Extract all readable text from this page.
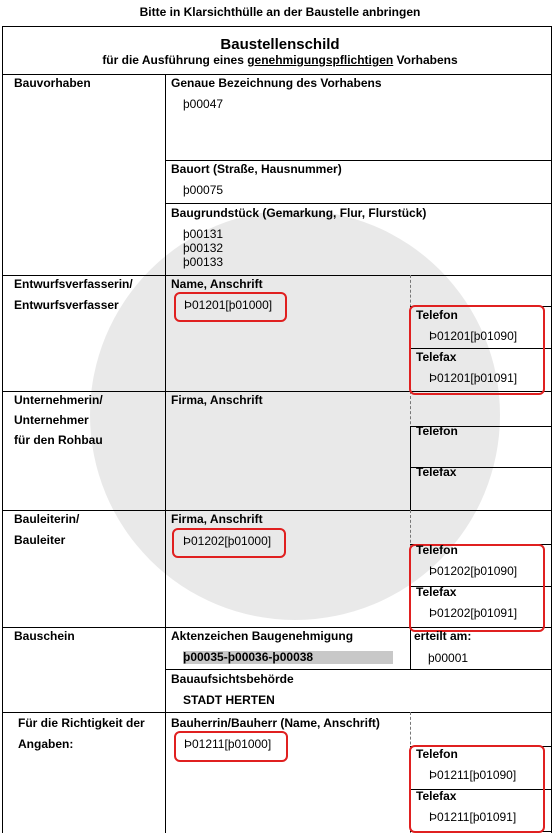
Bitte in Klarsichthülle an der Baustelle anbringen
Baustellenschild
für die Ausführung eines genehmigungspflichtigen Vorhabens
Bauvorhaben	Genaue Bezeichnung des Vorhabens
þ00047
Bauort (Straße, Hausnummer)
þ00075
Baugrundstück (Gemarkung, Flur, Flurstück)
þ00131
þ00132
þ00133
Entwurfsverfasserin/
Entwurfsverfasser
Name, Anschrift
Þ01201[þ01000]
Telefon
Þ01201[þ01090]
Telefax
Þ01201[þ01091]
Unternehmerin/
Unternehmer
für den Rohbau
Firma, Anschrift
Telefon
Telefax
Bauleiterin/
Bauleiter
Firma, Anschrift
Þ01202[þ01000]
Telefon
Þ01202[þ01090]
Telefax
Þ01202[þ01091]
Bauschein	Aktenzeichen Baugenehmigung
þ00035-þ00036-þ00038
erteilt am:
þ00001
Bauaufsichtsbehörde
STADT HERTEN
Für die Richtigkeit der
Angaben:
Bauherrin/Bauherr (Name, Anschrift)
Þ01211[þ01000]
Telefon
Þ01211[þ01090]
Telefax
Þ01211[þ01091]
